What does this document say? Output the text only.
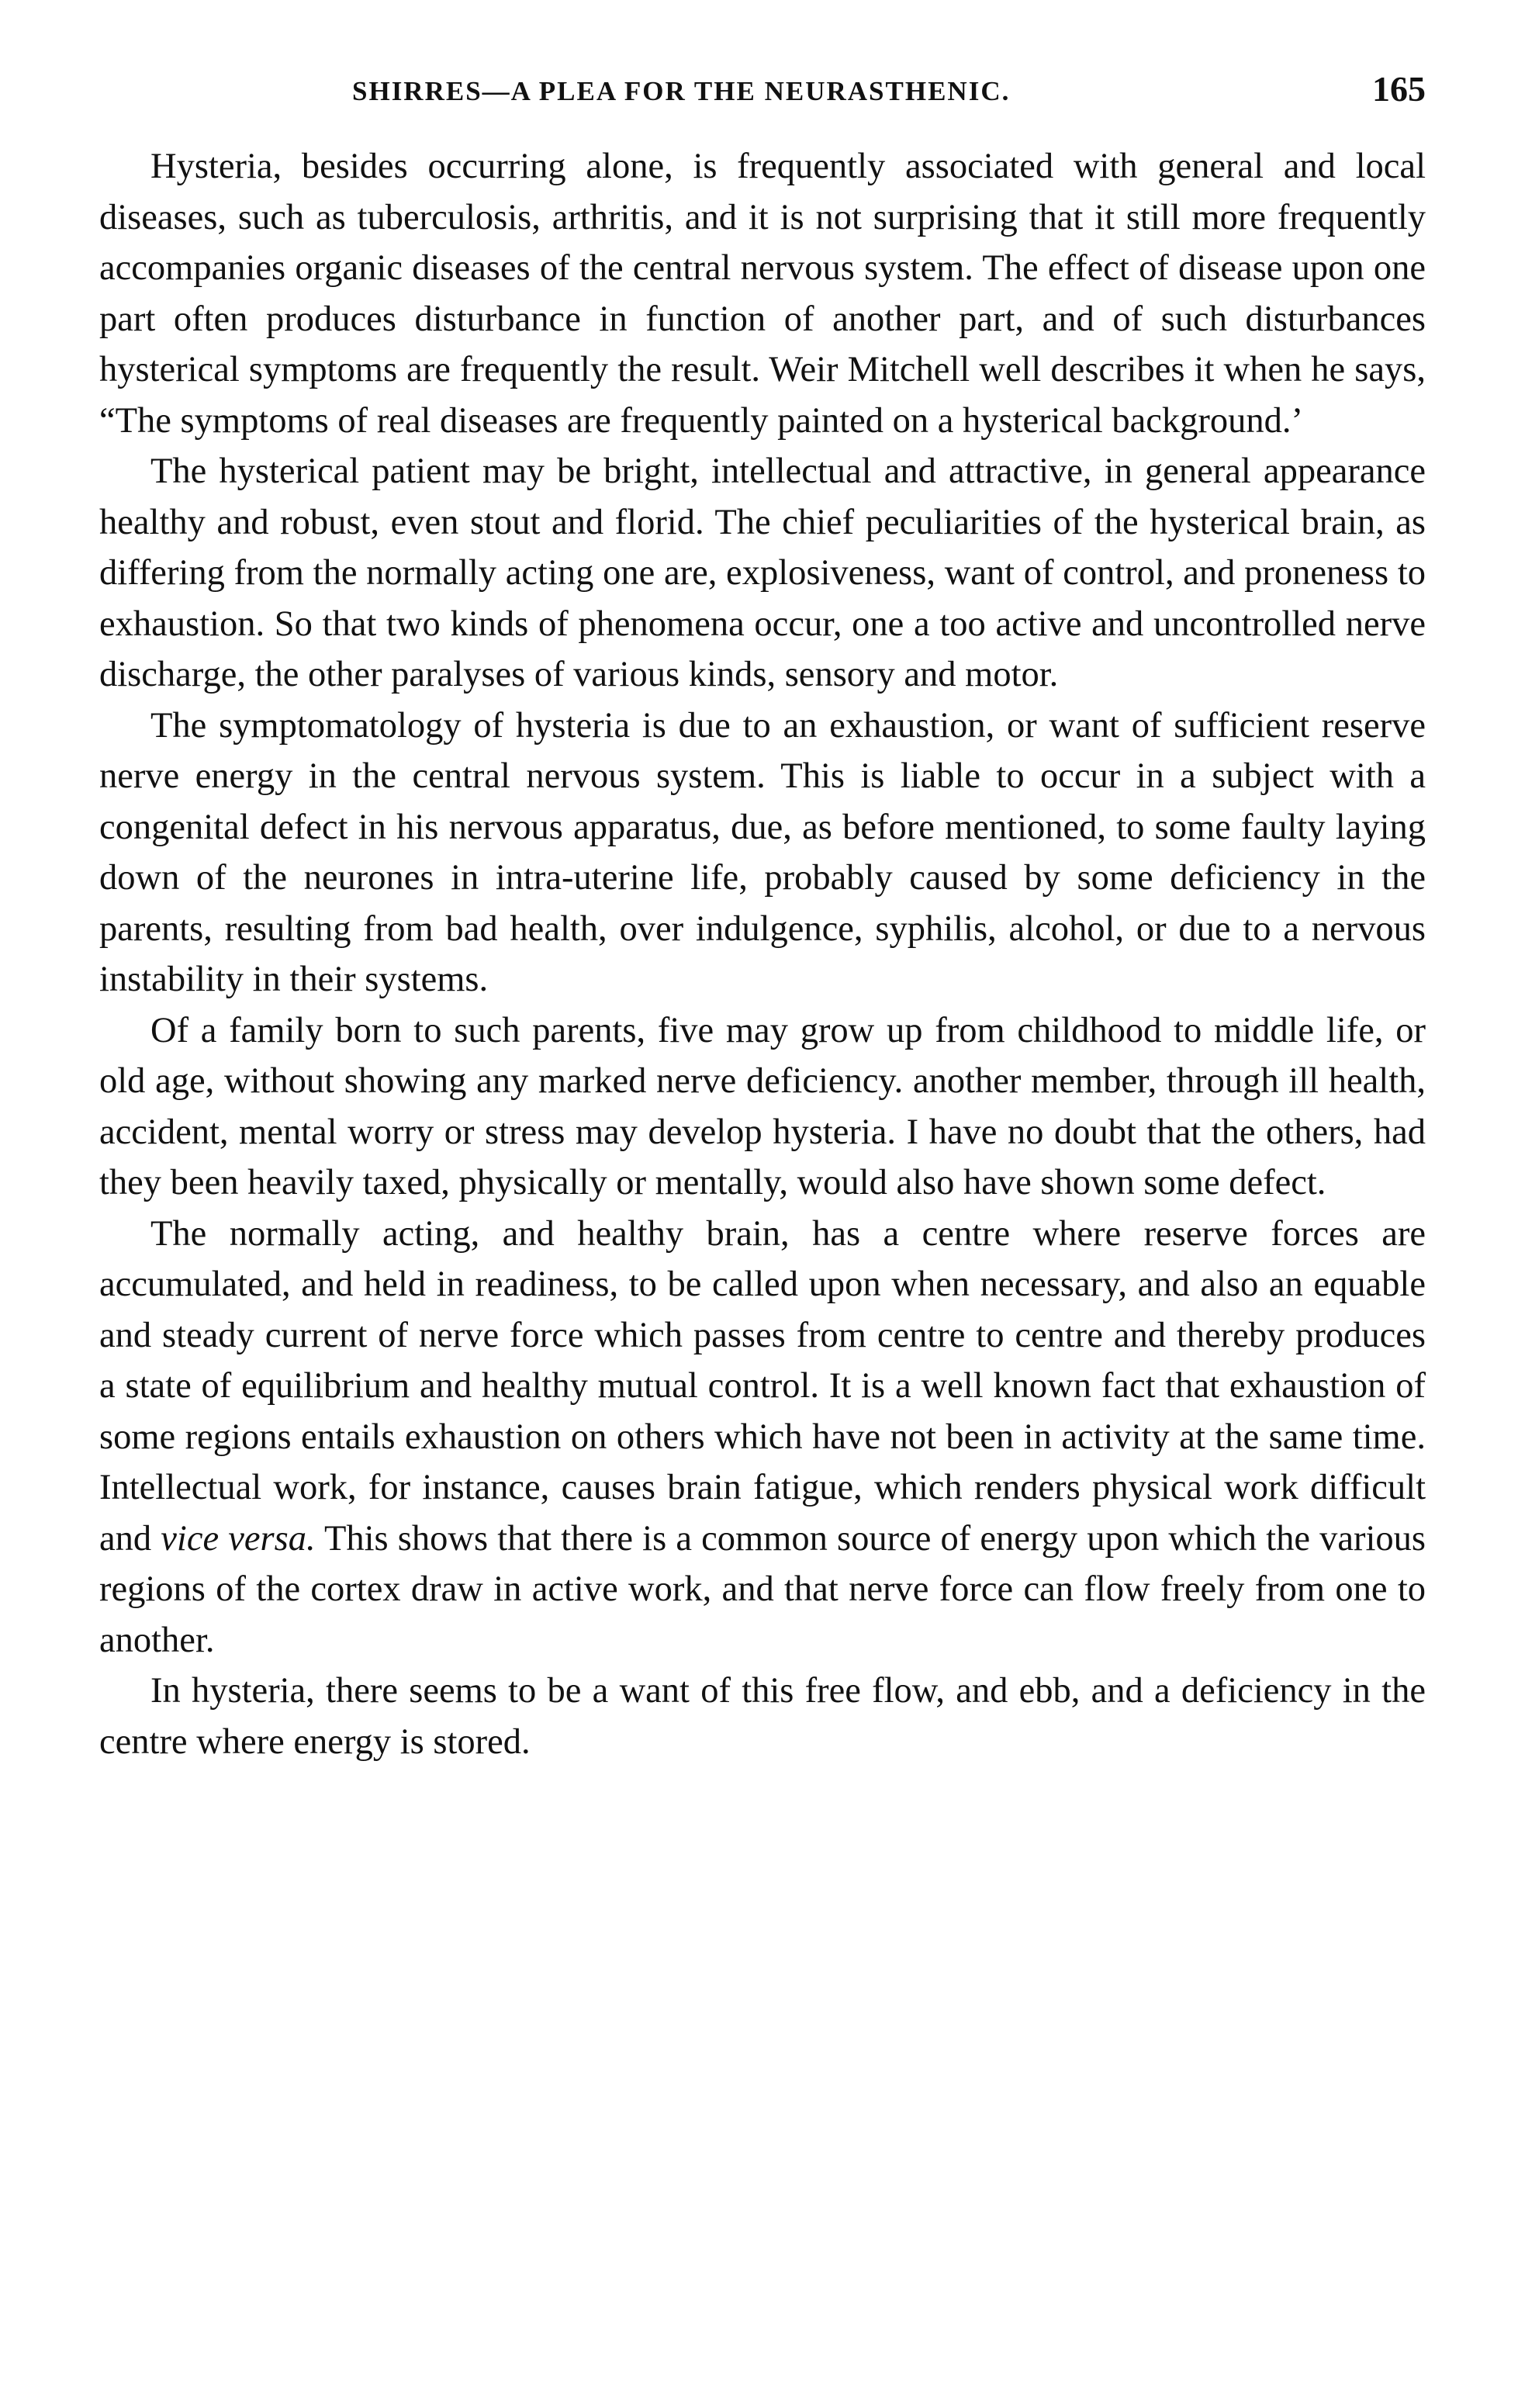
SHIRRES—A PLEA FOR THE NEURASTHENIC.	165

Hysteria, besides occurring alone, is frequently associated with general and local diseases, such as tuberculosis, arthritis, and it is not surprising that it still more frequently accompanies organic diseases of the central nervous system. The effect of disease upon one part often produces disturbance in function of another part, and of such disturbances hysterical symptoms are frequently the result. Weir Mitchell well describes it when he says, “The symptoms of real diseases are frequently painted on a hysterical background.’

The hysterical patient may be bright, intellectual and attractive, in general appearance healthy and robust, even stout and florid. The chief peculiarities of the hysterical brain, as differing from the normally acting one are, explosiveness, want of control, and proneness to exhaustion. So that two kinds of phenomena occur, one a too active and uncontrolled nerve discharge, the other paralyses of various kinds, sensory and motor.

The symptomatology of hysteria is due to an exhaustion, or want of sufficient reserve nerve energy in the central nervous system. This is liable to occur in a subject with a congenital defect in his nervous apparatus, due, as before mentioned, to some faulty laying down of the neurones in intra-uterine life, probably caused by some deficiency in the parents, resulting from bad health, over indulgence, syphilis, alcohol, or due to a nervous instability in their systems.

Of a family born to such parents, five may grow up from childhood to middle life, or old age, without showing any marked nerve deficiency. another member, through ill health, accident, mental worry or stress may develop hysteria. I have no doubt that the others, had they been heavily taxed, physically or mentally, would also have shown some defect.

The normally acting, and healthy brain, has a centre where reserve forces are accumulated, and held in readiness, to be called upon when necessary, and also an equable and steady current of nerve force which passes from centre to centre and thereby produces a state of equilibrium and healthy mutual control. It is a well known fact that exhaustion of some regions entails exhaustion on others which have not been in activity at the same time. Intellectual work, for instance, causes brain fatigue, which renders physical work difficult and vice versa. This shows that there is a common source of energy upon which the various regions of the cortex draw in active work, and that nerve force can flow freely from one to another.

In hysteria, there seems to be a want of this free flow, and ebb, and a deficiency in the centre where energy is stored.
